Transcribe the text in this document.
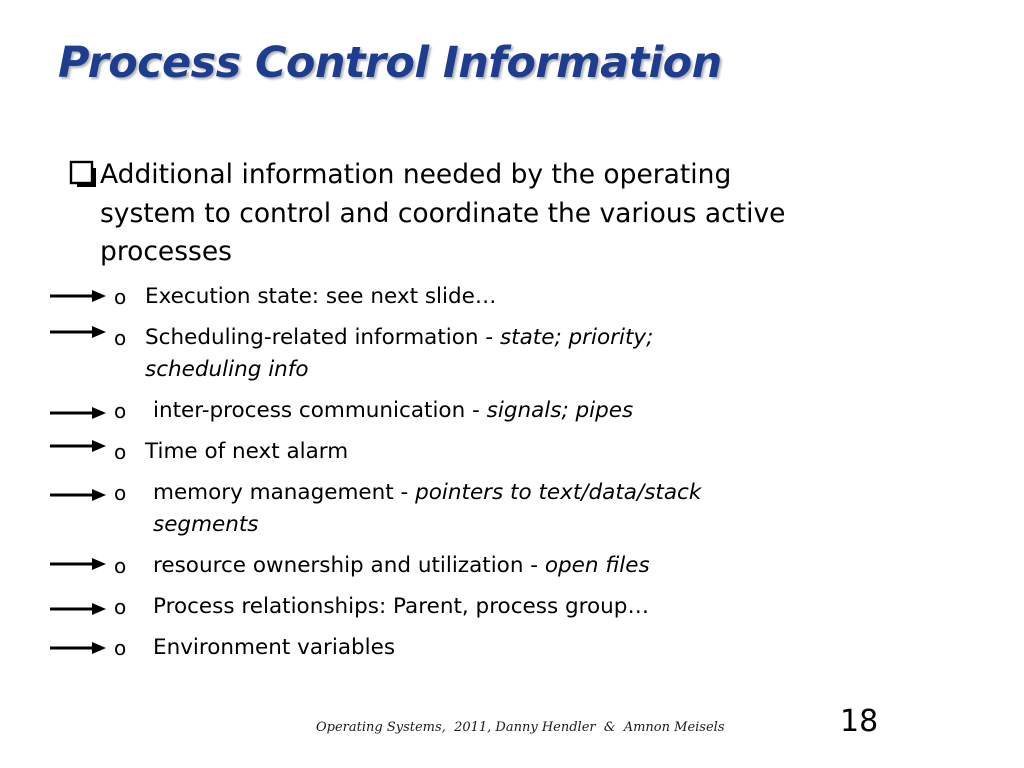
Process Control Information
Additional information needed by the operating
system to control and coordinate the various active
processes
o Execution state: see next slide…
o Scheduling-related information - state; priority;
scheduling info
o inter-process communication - signals; pipes
o Time of next alarm
o memory management - pointers to text/data/stack
segments
o resource ownership and utilization - open files
o Process relationships: Parent, process group…
o Environment variables
Operating Systems,  2011, Danny Hendler  &  Amnon Meisels	18
